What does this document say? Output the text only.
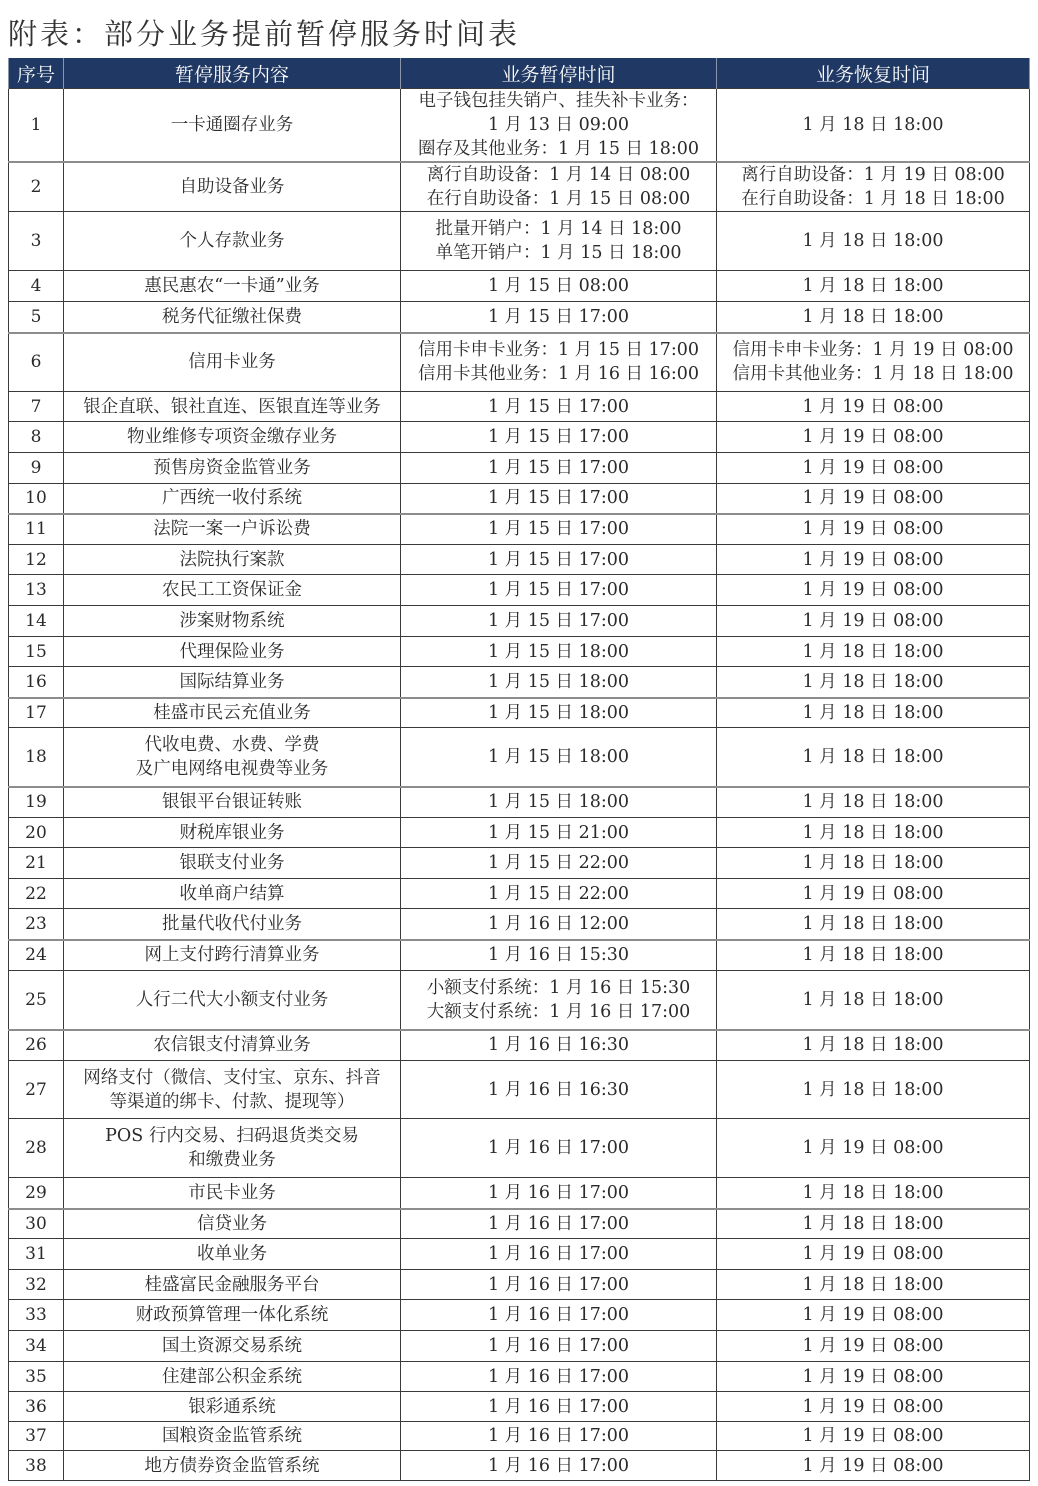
附表：部分业务提前暂停服务时间表
序号	暂停服务内容	业务暂停时间	业务恢复时间
1	一卡通圈存业务	电子钱包挂失销户、挂失补卡业务：
1 月 13 日 09:00
圈存及其他业务：1 月 15 日 18:00	1 月 18 日 18:00

2	自助设备业务	离行自助设备：1 月 14 日 08:00
在行自助设备：1 月 15 日 08:00	离行自助设备：1 月 19 日 08:00
在行自助设备：1 月 18 日 18:00

3	个人存款业务	批量开销户：1 月 14 日 18:00
单笔开销户：1 月 15 日 18:00	1 月 18 日 18:00

4	惠民惠农“一卡通”业务	1 月 15 日 08:00	1 月 18 日 18:00

5	税务代征缴社保费	1 月 15 日 17:00	1 月 18 日 18:00

6	信用卡业务	信用卡申卡业务：1 月 15 日 17:00
信用卡其他业务：1 月 16 日 16:00	信用卡申卡业务：1 月 19 日 08:00
信用卡其他业务：1 月 18 日 18:00

7	银企直联、银社直连、医银直连等业务	1 月 15 日 17:00	1 月 19 日 08:00

8	物业维修专项资金缴存业务	1 月 15 日 17:00	1 月 19 日 08:00

9	预售房资金监管业务	1 月 15 日 17:00	1 月 19 日 08:00

10	广西统一收付系统	1 月 15 日 17:00	1 月 19 日 08:00

11	法院一案一户诉讼费	1 月 15 日 17:00	1 月 19 日 08:00

12	法院执行案款	1 月 15 日 17:00	1 月 19 日 08:00

13	农民工工资保证金	1 月 15 日 17:00	1 月 19 日 08:00

14	涉案财物系统	1 月 15 日 17:00	1 月 19 日 08:00

15	代理保险业务	1 月 15 日 18:00	1 月 18 日 18:00

16	国际结算业务	1 月 15 日 18:00	1 月 18 日 18:00

17	桂盛市民云充值业务	1 月 15 日 18:00	1 月 18 日 18:00

18	代收电费、水费、学费
及广电网络电视费等业务	1 月 15 日 18:00	1 月 18 日 18:00

19	银银平台银证转账	1 月 15 日 18:00	1 月 18 日 18:00

20	财税库银业务	1 月 15 日 21:00	1 月 18 日 18:00

21	银联支付业务	1 月 15 日 22:00	1 月 18 日 18:00

22	收单商户结算	1 月 15 日 22:00	1 月 19 日 08:00

23	批量代收代付业务	1 月 16 日 12:00	1 月 18 日 18:00

24	网上支付跨行清算业务	1 月 16 日 15:30	1 月 18 日 18:00

25	人行二代大小额支付业务	小额支付系统：1 月 16 日 15:30
大额支付系统：1 月 16 日 17:00	1 月 18 日 18:00

26	农信银支付清算业务	1 月 16 日 16:30	1 月 18 日 18:00

27	网络支付（微信、支付宝、京东、抖音
等渠道的绑卡、付款、提现等）	1 月 16 日 16:30	1 月 18 日 18:00

28	POS 行内交易、扫码退货类交易
和缴费业务	1 月 16 日 17:00	1 月 19 日 08:00

29	市民卡业务	1 月 16 日 17:00	1 月 18 日 18:00

30	信贷业务	1 月 16 日 17:00	1 月 18 日 18:00

31	收单业务	1 月 16 日 17:00	1 月 19 日 08:00

32	桂盛富民金融服务平台	1 月 16 日 17:00	1 月 18 日 18:00

33	财政预算管理一体化系统	1 月 16 日 17:00	1 月 19 日 08:00

34	国土资源交易系统	1 月 16 日 17:00	1 月 19 日 08:00

35	住建部公积金系统	1 月 16 日 17:00	1 月 19 日 08:00

36	银彩通系统	1 月 16 日 17:00	1 月 19 日 08:00

37	国粮资金监管系统	1 月 16 日 17:00	1 月 19 日 08:00

38	地方债券资金监管系统	1 月 16 日 17:00	1 月 19 日 08:00
